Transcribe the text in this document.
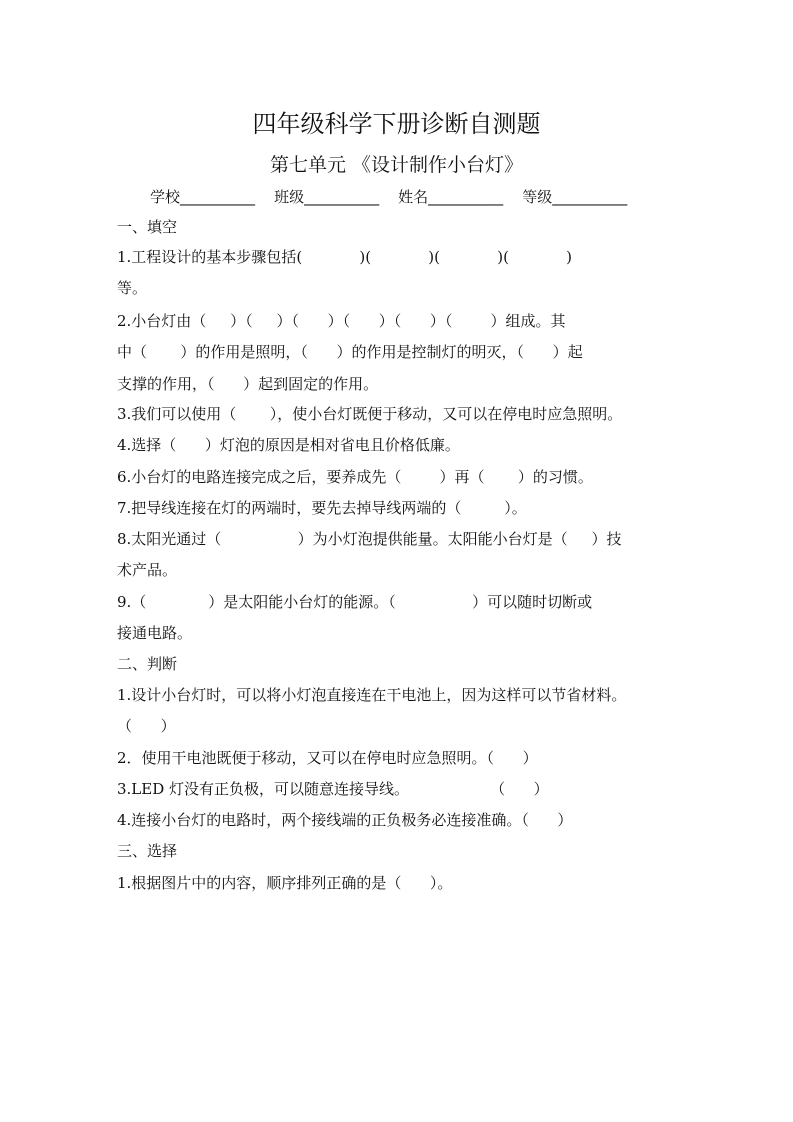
四年级科学下册诊断自测题
第七单元 《设计制作小台灯》
学校__________    班级__________    姓名__________    等级__________
一、填空
1.工程设计的基本步骤包括(            )(            )(            )(            )
等。
2.小台灯由（     ）（     ）（      ）（      ）（      ）（        ）组成。其
中（       ）的作用是照明，（      ）的作用是控制灯的明灭，（      ）起
支撑的作用，（      ）起到固定的作用。
3.我们可以使用（       ），使小台灯既便于移动，又可以在停电时应急照明。
4.选择（      ）灯泡的原因是相对省电且价格低廉。
6.小台灯的电路连接完成之后，要养成先（        ）再（       ）的习惯。
7.把导线连接在灯的两端时，要先去掉导线两端的（         ）。
8.太阳光通过（                ）为小灯泡提供能量。太阳能小台灯是（     ）技
术产品。
9.（             ）是太阳能小台灯的能源。（                ）可以随时切断或
接通电路。
二、判断
1.设计小台灯时，可以将小灯泡直接连在干电池上，因为这样可以节省材料。
（      ）
2．使用干电池既便于移动，又可以在停电时应急照明。（      ）
3.LED 灯没有正负极，可以随意连接导线。                 （      ）
4.连接小台灯的电路时，两个接线端的正负极务必连接准确。（      ）
三、选择
1.根据图片中的内容，顺序排列正确的是（      ）。
